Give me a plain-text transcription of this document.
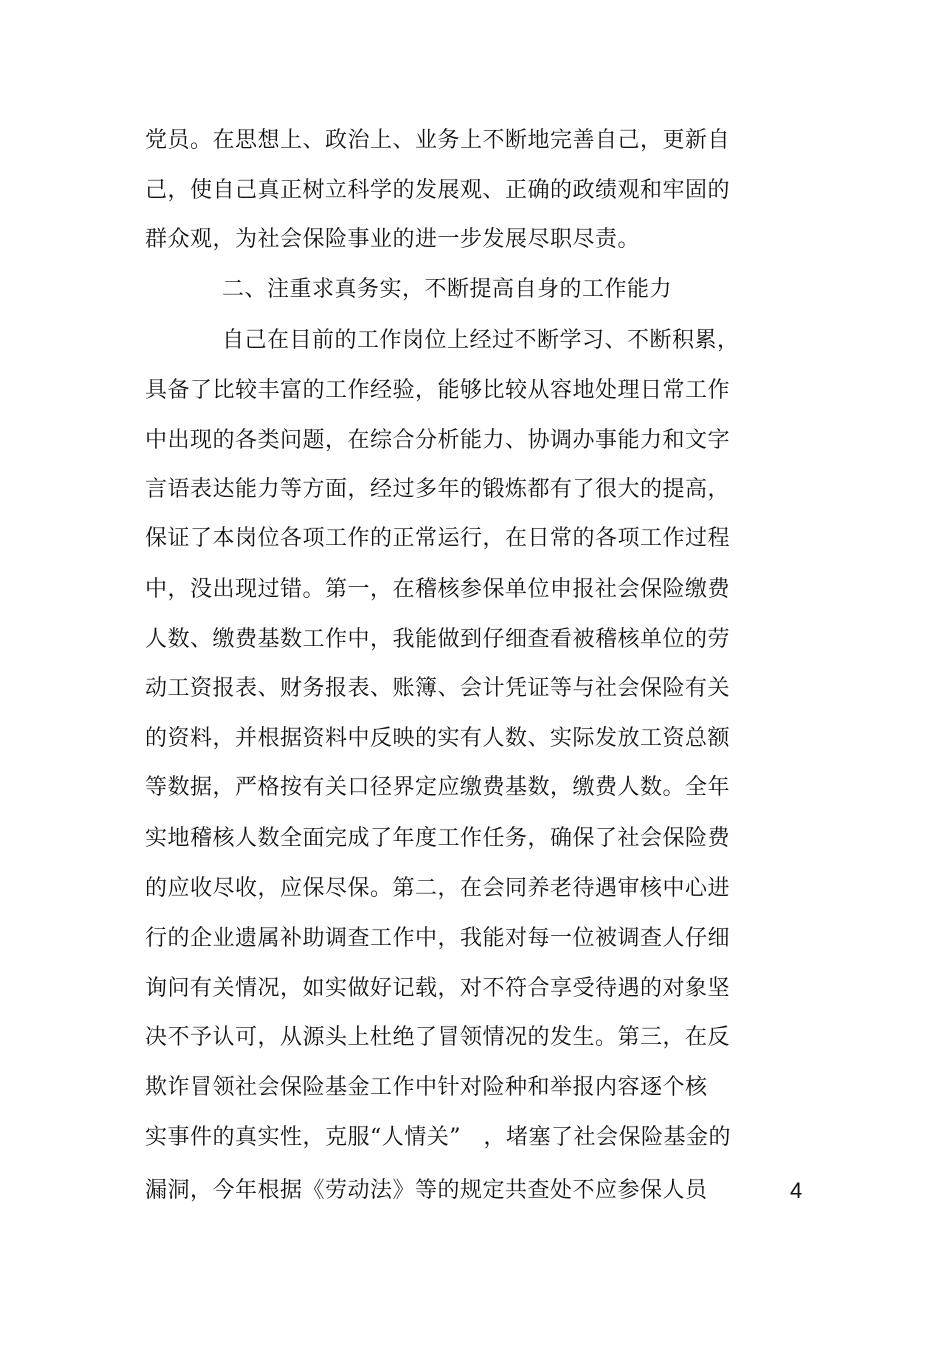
党员。在思想上、政治上、业务上不断地完善自己，更新自
己，使自己真正树立科学的发展观、正确的政绩观和牢固的
群众观，为社会保险事业的进一步发展尽职尽责。
二、注重求真务实，不断提高自身的工作能力
自己在目前的工作岗位上经过不断学习、不断积累，
具备了比较丰富的工作经验，能够比较从容地处理日常工作
中出现的各类问题，在综合分析能力、协调办事能力和文字
言语表达能力等方面，经过多年的锻炼都有了很大的提高，
保证了本岗位各项工作的正常运行，在日常的各项工作过程
中，没出现过错。第一，在稽核参保单位申报社会保险缴费
人数、缴费基数工作中，我能做到仔细查看被稽核单位的劳
动工资报表、财务报表、账簿、会计凭证等与社会保险有关
的资料，并根据资料中反映的实有人数、实际发放工资总额
等数据，严格按有关口径界定应缴费基数，缴费人数。全年
实地稽核人数全面完成了年度工作任务，确保了社会保险费
的应收尽收，应保尽保。第二，在会同养老待遇审核中心进
行的企业遗属补助调查工作中，我能对每一位被调查人仔细
询问有关情况，如实做好记载，对不符合享受待遇的对象坚
决不予认可，从源头上杜绝了冒领情况的发生。第三，在反
欺诈冒领社会保险基金工作中针对险种和举报内容逐个核
实事件的真实性，克服“人情关”　，堵塞了社会保险基金的
漏洞，今年根据《劳动法》等的规定共查处不应参保人员	4
